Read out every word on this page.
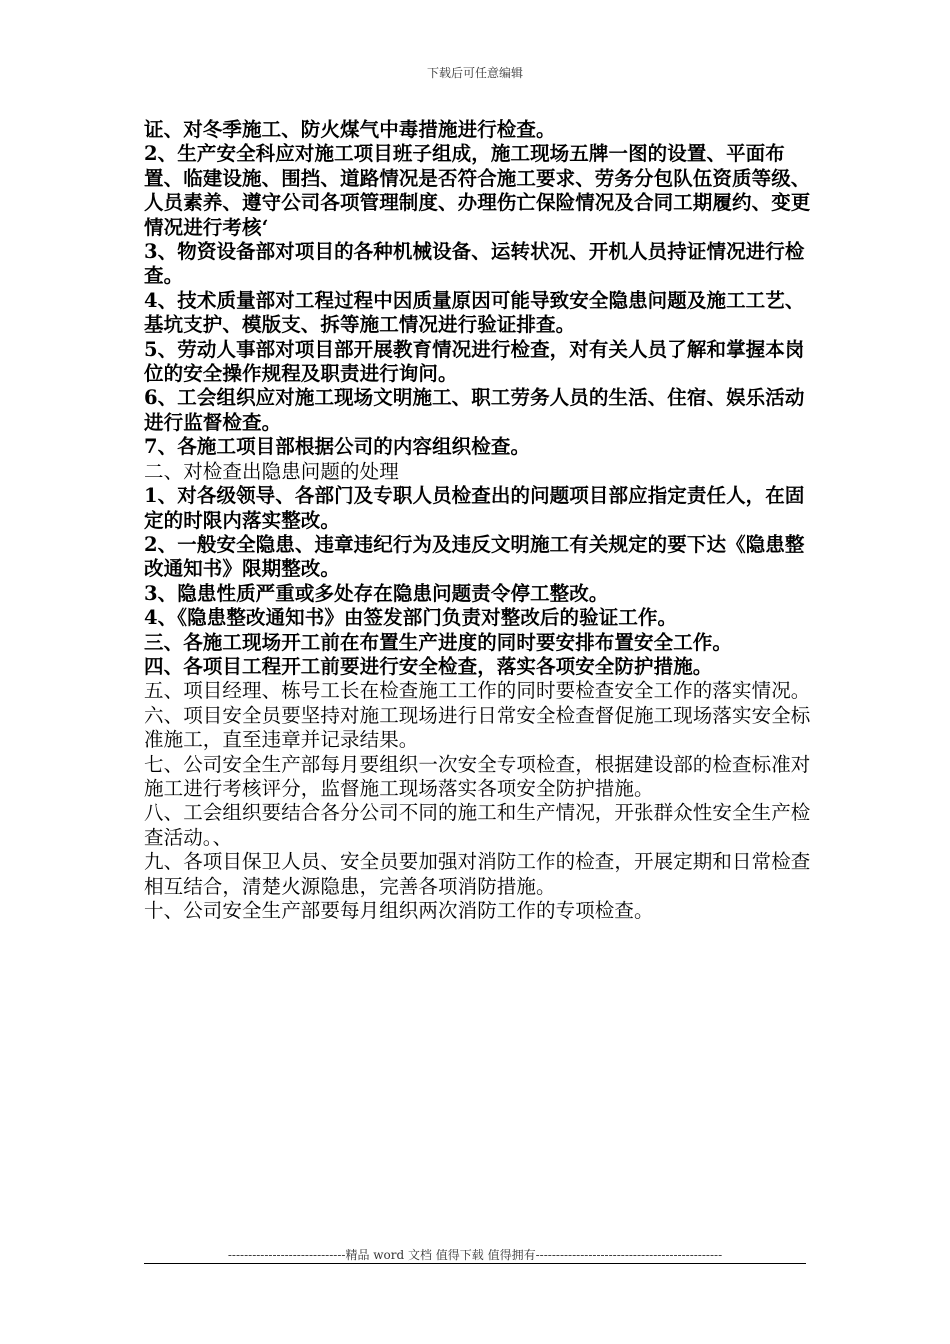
下载后可任意编辑

证、对冬季施工、防火煤气中毒措施进行检查。

2、生产安全科应对施工项目班子组成，施工现场五牌一图的设置、平面布置、临建设施、围挡、道路情况是否符合施工要求、劳务分包队伍资质等级、人员素养、遵守公司各项管理制度、办理伤亡保险情况及合同工期履约、变更情况进行考核‘

3、物资设备部对项目的各种机械设备、运转状况、开机人员持证情况进行检查。

4、技术质量部对工程过程中因质量原因可能导致安全隐患问题及施工工艺、基坑支护、模版支、拆等施工情况进行验证排查。

5、劳动人事部对项目部开展教育情况进行检查，对有关人员了解和掌握本岗位的安全操作规程及职责进行询问。

6、工会组织应对施工现场文明施工、职工劳务人员的生活、住宿、娱乐活动进行监督检查。

7、各施工项目部根据公司的内容组织检查。

二、对检查出隐患问题的处理

1、对各级领导、各部门及专职人员检查出的问题项目部应指定责任人，在固定的时限内落实整改。

2、一般安全隐患、违章违纪行为及违反文明施工有关规定的要下达《隐患整改通知书》限期整改。

3、隐患性质严重或多处存在隐患问题责令停工整改。

4、《隐患整改通知书》由签发部门负责对整改后的验证工作。

三、各施工现场开工前在布置生产进度的同时要安排布置安全工作。

四、各项目工程开工前要进行安全检查，落实各项安全防护措施。

五、项目经理、栋号工长在检查施工工作的同时要检查安全工作的落实情况。

六、项目安全员要坚持对施工现场进行日常安全检查督促施工现场落实安全标准施工，直至违章并记录结果。

七、公司安全生产部每月要组织一次安全专项检查，根据建设部的检查标准对施工进行考核评分，监督施工现场落实各项安全防护措施。

八、工会组织要结合各分公司不同的施工和生产情况，开张群众性安全生产检查活动。、

九、各项目保卫人员、安全员要加强对消防工作的检查，开展定期和日常检查相互结合，清楚火源隐患，完善各项消防措施。

十、公司安全生产部要每月组织两次消防工作的专项检查。

-----------------------------精品 word 文档 值得下载 值得拥有----------------------------------------------
